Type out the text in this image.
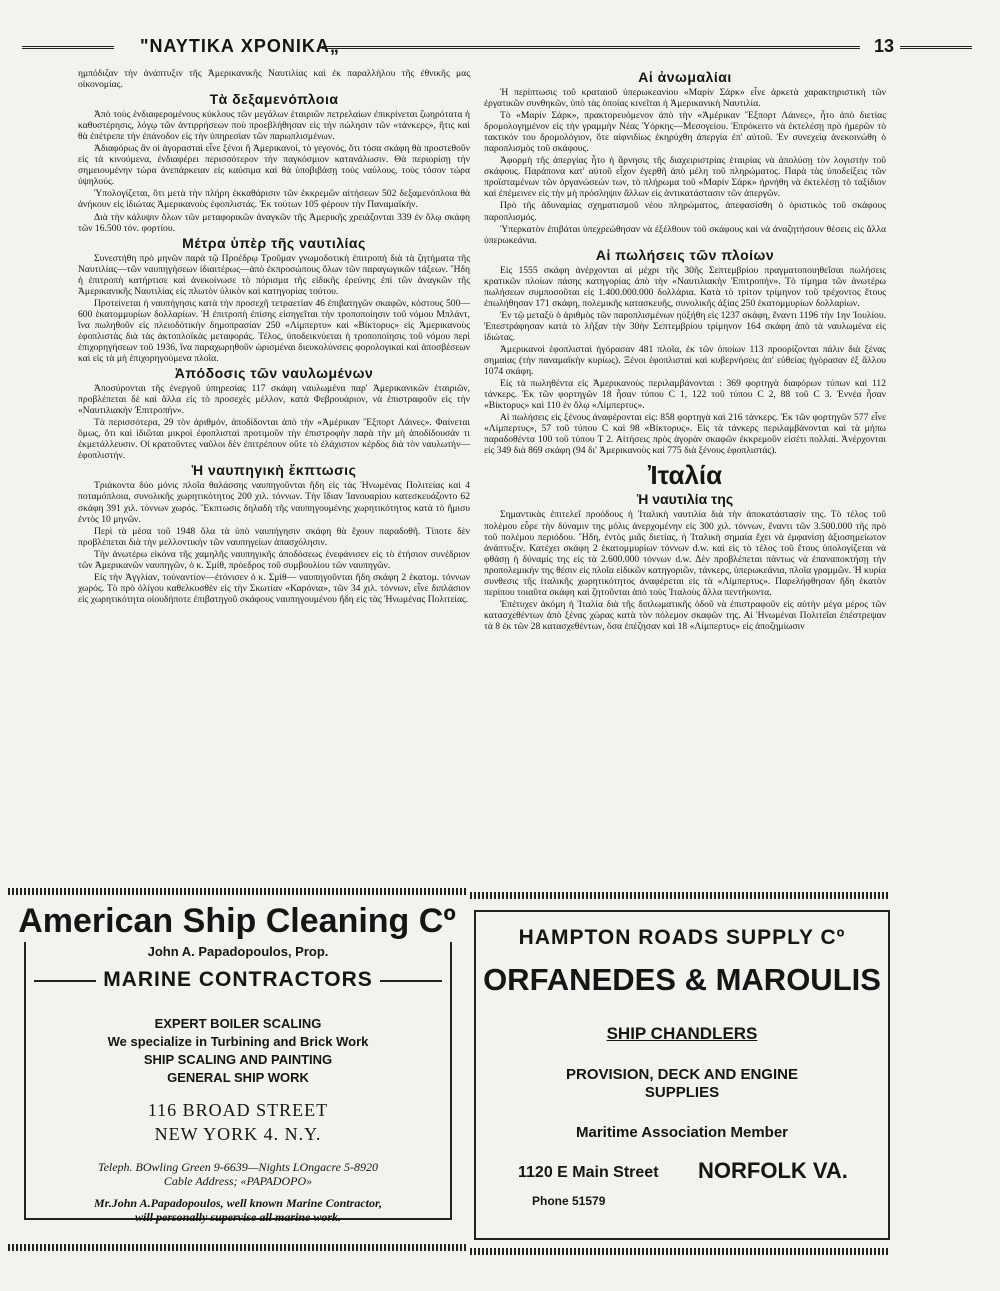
"ΝΑΥΤΙΚΑ ΧΡΟΝΙΚΑ„	13

ημπόδιζαν τὴν ἀνάπτυξιν τῆς Ἀμερικανικῆς Ναυτιλίας καὶ ἐκ παραλλήλου τῆς ἐθνικῆς μας οἰκονομίας.

Τὰ δεξαμενόπλοια

Ἀπὸ τοὺς ἐνδιαφερομένους κύκλους τῶν μεγάλων ἑταιριῶν πετρελαίων ἐπικρίνεται ζωηρότατα ἡ καθυστέρησις, λόγῳ τῶν ἀντιρρήσεων ποὺ προεβλήθησαν εἰς τὴν πώλησιν τῶν «τάνκερς», ἥτις καὶ θὰ ἐπέτρεπε τὴν ἐπάνοδον εἰς τὴν ὑπηρεσίαν τῶν παρωπλισμένων.

Ἀδιαφόρως ἂν οἱ ἀγορασταὶ εἶνε ξένοι ἢ Ἀμερικανοί, τὸ γεγονός, ὅτι τόσα σκάφη θὰ προστεθοῦν εἰς τὰ κινούμενα, ἐνδιαφέρει περισσότερον τὴν παγκόσμιον κατανάλωσιν. Θὰ περιορίσῃ τὴν σημειουμένην τώρα ἀνεπάρκειαν εἰς καύσιμα καὶ θὰ ὑποβιβάσῃ τοὺς ναύλους, τοὺς τόσον τώρα ὑψηλούς.

Ὑπολογίζεται, ὅτι μετὰ τὴν πλήρη ἐκκαθάρισιν τῶν ἐκκρεμῶν αἰτήσεων 502 δεξαμενόπλοια θὰ ἀνήκουν εἰς ἰδιώτας Ἀμερικανοὺς ἐφοπλιστάς. Ἐκ τούτων 105 φέρουν τὴν Παναμαϊκήν.

Διὰ τὴν κάλυψιν ὅλων τῶν μεταφορικῶν ἀναγκῶν τῆς Ἀμερικῆς χρειάζονται 339 ἐν ὅλῳ σκάφη τῶν 16.500 τόν. φορτίου.

Μέτρα ὑπὲρ τῆς ναυτιλίας

Συνεστήθη πρὸ μηνῶν παρὰ τῷ Προέδρῳ Τροῦμαν γνωμοδοτικὴ ἐπιτροπὴ διὰ τὰ ζητήματα τῆς Ναυτιλίας—τῶν ναυπηγήσεων ἰδιαιτέρως—ἀπὸ ἐκπροσώπους ὅλων τῶν παραγωγικῶν τάξεων. Ἤδη ἡ ἐπιτροπὴ κατήρτισε καὶ ἀνεκοίνωσε τὸ πόρισμα τῆς εἰδικῆς ἐρεύνης ἐπὶ τῶν ἀναγκῶν τῆς Ἀμερικανικῆς Ναυτιλίας εἰς πλωτὸν ὑλικὸν καὶ κατηγορίας τούτου.

Προτείνεται ἡ ναυπήγησις κατὰ τὴν προσεχῆ τετραετίαν 46 ἐπιβατηγῶν σκαφῶν, κόστους 500—600 ἑκατομμυρίων δολλαρίων. Ἡ ἐπιτροπὴ ἐπίσης εἰσηγεῖται τὴν τροποποίησιν τοῦ νόμου Μπλάντ, ἵνα πωληθοῦν εἰς πλειοδότικὴν δημοπρασίαν 250 «Λίμπερτυ» καὶ «Βίκτορυς» εἰς Ἀμερικανοὺς ἐφοπλιστὰς διὰ τὰς ἀκτοπλοϊκὰς μεταφοράς. Τέλος, ὑποδεικνύεται ἡ τροποποίησις τοῦ νόμου περὶ ἐπιχορηγήσεων τοῦ 1936, ἵνα παραχωρηθοῦν ὡρισμέναι διευκολύνσεις φορολογικαὶ καὶ ἀποσβέσεων καὶ εἰς τὰ μὴ ἐπιχορηγούμενα πλοῖα.

Ἀπόδοσις τῶν ναυλωμένων

Ἀποσύρονται τῆς ἐνεργοῦ ὑπηρεσίας 117 σκάφη ναυλωμένα παρ' Ἀμερικανικῶν ἑταιριῶν, προβλέπεται δὲ καὶ ἄλλα εἰς τὸ προσεχὲς μέλλον, κατὰ Φεβρουάριον, νὰ ἐπιστραφοῦν εἰς τὴν «Ναυτιλιακὴν Ἐπιτροπήν».

Τὰ περισσότερα, 29 τὸν ἀριθμόν, ἀποδίδονται ἀπὸ τὴν «Ἀμέρικαν Ἔξπορτ Λάινες». Φαίνεται ὅμως, ὅτι καὶ ἰδιῶται μικροὶ ἐφοπλισταὶ προτιμοῦν τὴν ἐπιστροφὴν παρὰ τὴν μὴ ἀποδίδουσάν τι ἐκμετάλλευσιν. Οἱ κρατοῦντες ναῦλοι δὲν ἐπιτρέπουν οὔτε τὸ ἐλάχιστον κέρδος διὰ τὸν ναυλωτήν—ἐφοπλιστήν.

Ἡ ναυπηγικὴ ἔκπτωσις

Τριάκοντα δύο μόνις πλοῖα θαλάσσης ναυπηγοῦνται ἤδη εἰς τὰς Ἡνωμένας Πολιτείας καὶ 4 ποταμόπλοια, συνολικῆς χωρητικότητος 200 χιλ. τόννων. Τὴν ἴδιαν Ἰανουαρίου κατεσκευάζοντο 62 σκάφη 391 χιλ. τόννων χωρός. Ἔκπτωσις δηλαδὴ τῆς ναυπηγουμένης χωρητικότητος κατὰ τὸ ἥμισυ ἐντὸς 10 μηνῶν.

Περὶ τὰ μέσα τοῦ 1948 ὅλα τὰ ὑπὸ ναυπήγησιν σκάφη θὰ ἔχουν παραδοθῆ. Τίποτε δὲν προβλέπεται διὰ τὴν μελλοντικὴν τῶν ναυπηγείων ἀπασχόλησιν.

Τὴν ἀνωτέρω εἰκόνα τῆς χαμηλῆς ναυπηγικῆς ἀποδόσεως ἐνεφάνισεν εἰς τὸ ἐτήσιον συνέδριον τῶν Ἀμερικανῶν ναυπηγῶν, ὁ κ. Σμίθ, πρόεδρος τοῦ συμβουλίου τῶν ναυπηγῶν.

Εἰς τὴν Ἀγγλίαν, τοὐναντίον—ἐτόνισεν ὁ κ. Σμίθ— ναυπηγοῦνται ἤδη σκάφη 2 ἑκατομ. τόννων χωρός. Τὸ πρὸ ὀλίγου καθελκυσθὲν εἰς τὴν Σκωτίαν «Καρόνια», τῶν 34 χιλ. τόννων, εἶνε διπλάσιον εἰς χωρητικότητα οἱουδήποτε ἐπιβατηγοῦ σκάφους ναυπηγουμένου ἤδη εἰς τὰς Ἡνωμένας Πολιτείας.

Αἱ ἀνωμαλίαι

Ἡ περίπτωσις τοῦ κραταιοῦ ὑπερωκεανίου «Μαρίν Σάρκ» εἶνε ἀρκετὰ χαρακτηριστικὴ τῶν ἐργατικῶν συνθηκῶν, ὑπὸ τὰς ὁποίας κινεῖται ἡ Ἀμερικανικὴ Ναυτιλία.

Τὸ «Μαρίν Σάρκ», πρακτορευόμενον ἀπὸ τὴν «Ἀμέρικαν Ἔξπορτ Λάινες», ἦτο ἀπὸ διετίας δρομολογημένον εἰς τὴν γραμμὴν Νέας Ὑόρκης—Μεσογείου. Ἐπρόκειτο νὰ ἐκτελέσῃ πρὸ ἡμερῶν τὸ τακτικόν του δρομολόγιον, ὅτε αἰφνιδίως ἐκηρύχθη ἀπεργία ἐπ' αὐτοῦ. Ἐν συνεχείᾳ ἀνεκοινώθη ὁ παροπλισμὸς τοῦ σκάφους.

Ἀφορμὴ τῆς ἀπεργίας ἦτο ἡ ἄρνησις τῆς διαχειριστρίας ἑταιρίας νὰ ἀπολύσῃ τὸν λογιστὴν τοῦ σκάφους. Παράπονα κατ' αὐτοῦ εἶχον ἐγερθῆ ἀπὸ μέλη τοῦ πληρώματος. Παρὰ τὰς ὑποδείξεις τῶν προϊσταμένων τῶν ὀργανώσεών των, τὸ πλήρωμα τοῦ «Μαρίν Σάρκ» ἠρνήθη νὰ ἐκτελέσῃ τὸ ταξίδιον καὶ ἐπέμεινεν εἰς τὴν μὴ πρόσληψιν ἄλλων εἰς ἀντικατάστασιν τῶν ἀπεργῶν.

Πρὸ τῆς ἀδυναμίας σχηματισμοῦ νέου πληρώματος, ἀπεφασίσθη ὁ ὁριστικὸς τοῦ σκάφους παροπλισμός.

Ὑπερκατὸν ἐπιβάται ὑπεχρεώθησαν νὰ ἐξέλθουν τοῦ σκάφους καὶ νὰ ἀναζητήσουν θέσεις εἰς ἄλλα ὑπερωκεάνια.

Αἱ πωλήσεις τῶν πλοίων

Εἰς 1555 σκάφη ἀνέρχονται αἱ μέχρι τῆς 30ῆς Σεπτεμβρίου πραγματοποιηθεῖσαι πωλήσεις κρατικῶν πλοίων πάσης κατηγορίας ἀπὸ τὴν «Ναυτιλιακὴν Ἐπιτροπήν». Τὸ τίμημα τῶν ἀνωτέρω πωλήσεων συμποσοῦται εἰς 1.400.000.000 δολλάρια. Κατὰ τὸ τρίτον τρίμηνον τοῦ τρέχοντος ἔτους ἐπωλήθησαν 171 σκάφη, πολεμικῆς κατασκευῆς, συνολικῆς ἀξίας 250 ἑκατομμυρίων δολλαρίων.

Ἐν τῷ μεταξὺ ὁ ἀριθμὸς τῶν παροπλισμένων ηὐξήθη εἰς 1237 σκάφη, ἔναντι 1196 τὴν 1ην Ἰουλίου. Ἐπεστράφησαν κατὰ τὸ λῆξαν τὴν 30ὴν Σεπτεμβρίου τρίμηνον 164 σκάφη ἀπὸ τὰ ναυλωμένα εἰς ἰδιώτας.

Ἀμερικανοὶ ἐφοπλισταὶ ἠγόρασαν 481 πλοῖα, ἐκ τῶν ὁποίων 113 προορίζονται πάλιν διὰ ξένας σημαίας (τὴν παναμαϊκὴν κυρίως). Ξένοι ἐφοπλισταὶ καὶ κυβερνήσεις ἀπ' εὐθείας ἠγόρασαν ἐξ ἄλλου 1074 σκάφη.

Εἰς τὰ πωληθέντα εἰς Ἀμερικανοὺς περιλαμβάνονται : 369 φορτηγὰ διαφόρων τύπων καὶ 112 τάνκερς. Ἐκ τῶν φορτηγῶν 18 ἦσαν τύπου C 1, 122 τοῦ τύπου C 2, 88 τοῦ C 3. Ἐννέα ἦσαν «Βίκτορυς» καὶ 110 ἐν ὅλῳ «Λίμπερτυς».

Αἱ πωλήσεις εἰς ξένους ἀναφέρονται εἰς: 858 φορτηγὰ καὶ 216 τάνκερς. Ἐκ τῶν φορτηγῶν 577 εἶνε «Λίμπερτυς», 57 τοῦ τύπου C καὶ 98 «Βίκτορυς». Εἰς τὰ τάνκερς περιλαμβάνονται καὶ τὰ μήπω παραδοθέντα 100 τοῦ τύπου Τ 2. Αἰτήσεις πρὸς ἀγορὰν σκαφῶν ἐκκρεμοῦν εἰσέτι πολλαί. Ἀνέρχονται εἰς 349 διὰ 869 σκάφη (94 δι' Ἀμερικανοὺς καὶ 775 διὰ ξένους ἐφοπλιστάς).

Ἰταλία
Ἡ ναυτιλία της

Σημαντικὰς ἐπιτελεῖ προόδους ἡ Ἰταλικὴ ναυτιλία διὰ τὴν ἀποκατάστασίν της. Τὸ τέλος τοῦ πολέμου εὗρε τὴν δύναμιν της μόλις ἀνερχομένην εἰς 300 χιλ. τόννων, ἔναντι τῶν 3.500.000 τῆς πρὸ τοῦ πολέμου περιόδου. Ἤδη, ἐντὸς μιᾶς διετίας, ἡ Ἰταλικὴ σημαία ἔχει νὰ ἐμφανίσῃ ἀξιοσημείωτον ἀνάπτυξιν. Κατέχει σκάφη 2 ἑκατομμυρίων τόννων d.w. καὶ εἰς τὸ τέλος τοῦ ἔτους ὑπολογίζεται νὰ φθάσῃ ἡ δύναμίς της εἰς τὰ 2.600.000 τόννων d.w. Δὲν προβλέπεται πάντως νὰ ἐπαναποκτήσῃ τὴν προπολεμικήν της θέσιν εἰς πλοῖα εἰδικῶν κατηγοριῶν, τάνκερς, ὑπερωκεάνια, πλοῖα γραμμῶν. Ἡ κυρία συνθεσις τῆς ἰταλικῆς χωρητικότητος ἀναφέρεται εἰς τὰ «Λίμπερτυς». Παρελήφθησαν ἤδη ἑκατὸν περίπου τοιαῦτα σκάφη καὶ ζητοῦνται ἀπὸ τοὺς Ἰταλοὺς ἄλλα πεντήκοντα.

Ἐπέτυχεν ἀκόμη ἡ Ἰταλία διὰ τῆς διπλωματικῆς ὁδοῦ νὰ ἐπιστραφοῦν εἰς αὐτὴν μέγα μέρος τῶν κατασχεθέντων ἀπὸ ξένας χώρας κατὰ τὸν πόλεμον σκαφῶν της. Αἱ Ἡνωμέναι Πολιτεῖαι ἐπέστρεψαν τὰ 8 ἐκ τῶν 28 κατασχεθέντων, ὅσα ἐπέζησαν καὶ 18 «Λίμπερτυς» εἰς ἀποζημίωσιν

American Ship Cleaning Cº
John A. Papadopoulos, Prop.
MARINE CONTRACTORS
EXPERT BOILER SCALING
We specialize in Turbining and Brick Work
SHIP SCALING AND PAINTING
GENERAL SHIP WORK
116 BROAD STREET
NEW YORK 4. N.Y.
Teleph. BOwling Green 9-6639—Nights LOngacre 5-8920
Cable Address; «PAPADOPO»
Mr.John A.Papadopoulos, well known Marine Contractor,
will personally supervise all marine work.
HAMPTON ROADS SUPPLY Cº
ORFANEDES & MAROULIS
SHIP CHANDLERS
PROVISION, DECK AND ENGINE
SUPPLIES
Maritime Association Member
1120 E Main Street NORFOLK VA.
Phone 51579
